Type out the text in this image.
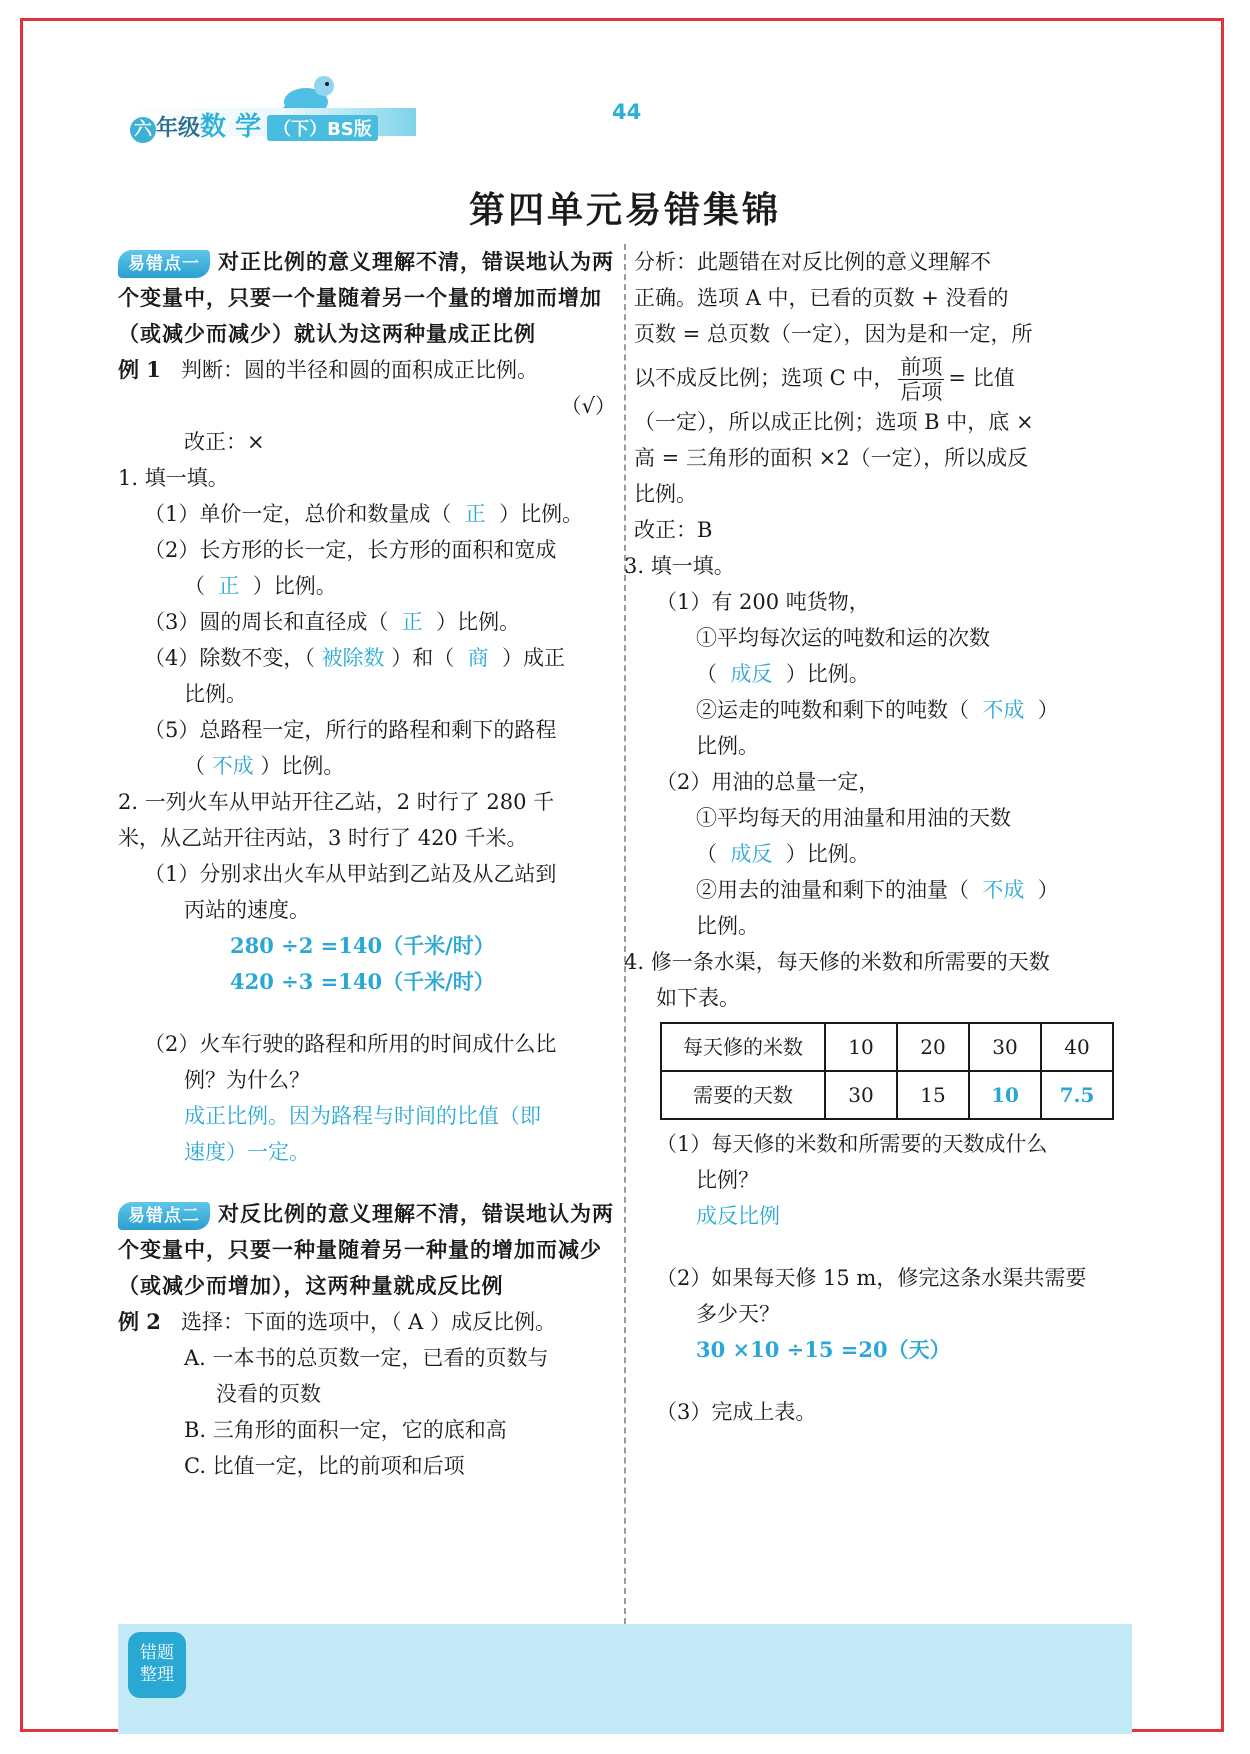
六 年级数 学 （下）BS版
44
第四单元易错集锦

易错点一 对正比例的意义理解不清，错误地认为两个变量中，只要一个量随着另一个量的增加而增加（或减少而减少）就认为这两种量成正比例

例 1 判断：圆的半径和圆的面积成正比例。

（√）

改正：×

1. 填一填。

（1）单价一定，总价和数量成（ 正 ）比例。

（2）长方形的长一定，长方形的面积和宽成

（ 正 ）比例。

（3）圆的周长和直径成（ 正 ）比例。

（4）除数不变，（ 被除数 ）和（ 商 ）成正

比例。

（5）总路程一定，所行的路程和剩下的路程

（ 不成 ）比例。

2. 一列火车从甲站开往乙站，2 时行了 280 千

米，从乙站开往丙站，3 时行了 420 千米。

（1）分别求出火车从甲站到乙站及从乙站到

丙站的速度。

280 ÷2 =140（千米/时）

420 ÷3 =140（千米/时）

（2）火车行驶的路程和所用的时间成什么比

例？为什么？

成正比例。因为路程与时间的比值（即

速度）一定。

易错点二 对反比例的意义理解不清，错误地认为两个变量中，只要一种量随着另一种量的增加而减少（或减少而增加），这两种量就成反比例

例 2 选择：下面的选项中，（ A ）成反比例。

A. 一本书的总页数一定，已看的页数与

没看的页数

B. 三角形的面积一定，它的底和高

C. 比值一定，比的前项和后项

分析：此题错在对反比例的意义理解不

正确。选项 A 中，已看的页数 + 没看的

页数 = 总页数（一定），因为是和一定，所

以不成反比例；选项 C 中， $\frac{\text{前项}}{\text{后项}}$ = 比值

（一定），所以成正比例；选项 B 中，底 ×

高 = 三角形的面积 ×2（一定），所以成反

比例。

改正：B

3. 填一填。

（1）有 200 吨货物，

①平均每次运的吨数和运的次数

（ 成反 ）比例。

②运走的吨数和剩下的吨数（ 不成 ）

比例。

（2）用油的总量一定，

①平均每天的用油量和用油的天数

（ 成反 ）比例。

②用去的油量和剩下的油量（ 不成 ）

比例。

4. 修一条水渠，每天修的米数和所需要的天数

如下表。

每天修的米数	10	20	30	40
需要的天数	30	15	10	7.5

（1）每天修的米数和所需要的天数成什么

比例？

成反比例

（2）如果每天修 15 m，修完这条水渠共需要

多少天？

30 ×10 ÷15 =20（天）

（3）完成上表。

错题
整理
